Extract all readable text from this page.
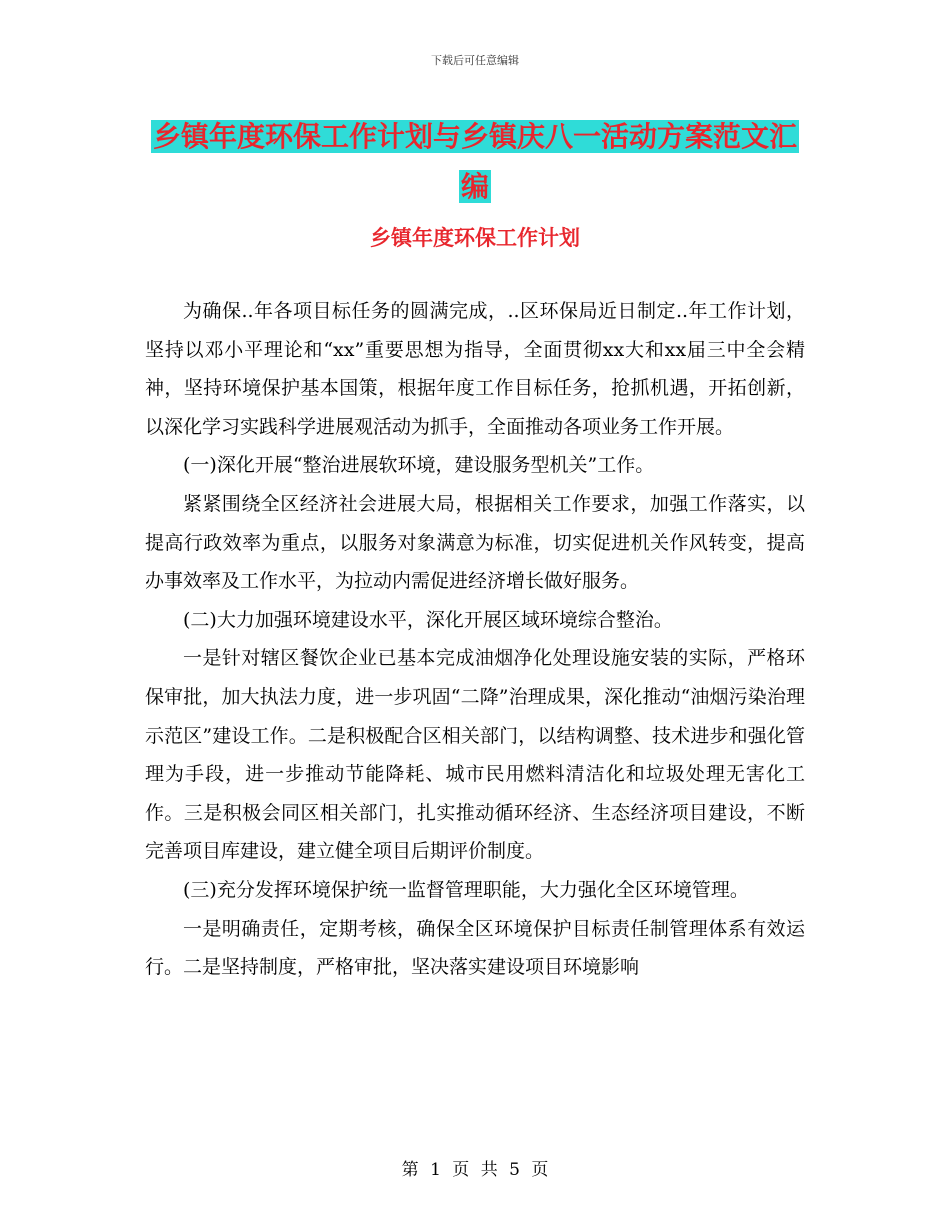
下载后可任意编辑
乡镇年度环保工作计划与乡镇庆八一活动方案范文汇
编
乡镇年度环保工作计划

为确保..年各项目标任务的圆满完成，..区环保局近日制定..年工作计划，坚持以邓小平理论和“xx”重要思想为指导，全面贯彻xx大和xx届三中全会精神，坚持环境保护基本国策，根据年度工作目标任务，抢抓机遇，开拓创新，以深化学习实践科学进展观活动为抓手，全面推动各项业务工作开展。

(一)深化开展“整治进展软环境，建设服务型机关”工作。

紧紧围绕全区经济社会进展大局，根据相关工作要求，加强工作落实，以提高行政效率为重点，以服务对象满意为标准，切实促进机关作风转变，提高办事效率及工作水平，为拉动内需促进经济增长做好服务。

(二)大力加强环境建设水平，深化开展区域环境综合整治。

一是针对辖区餐饮企业已基本完成油烟净化处理设施安装的实际，严格环保审批，加大执法力度，进一步巩固“二降”治理成果，深化推动“油烟污染治理示范区”建设工作。二是积极配合区相关部门，以结构调整、技术进步和强化管理为手段，进一步推动节能降耗、城市民用燃料清洁化和垃圾处理无害化工作。三是积极会同区相关部门，扎实推动循环经济、生态经济项目建设，不断完善项目库建设，建立健全项目后期评价制度。

(三)充分发挥环境保护统一监督管理职能，大力强化全区环境管理。

一是明确责任，定期考核，确保全区环境保护目标责任制管理体系有效运行。二是坚持制度，严格审批，坚决落实建设项目环境影响

第 1 页 共 5 页
